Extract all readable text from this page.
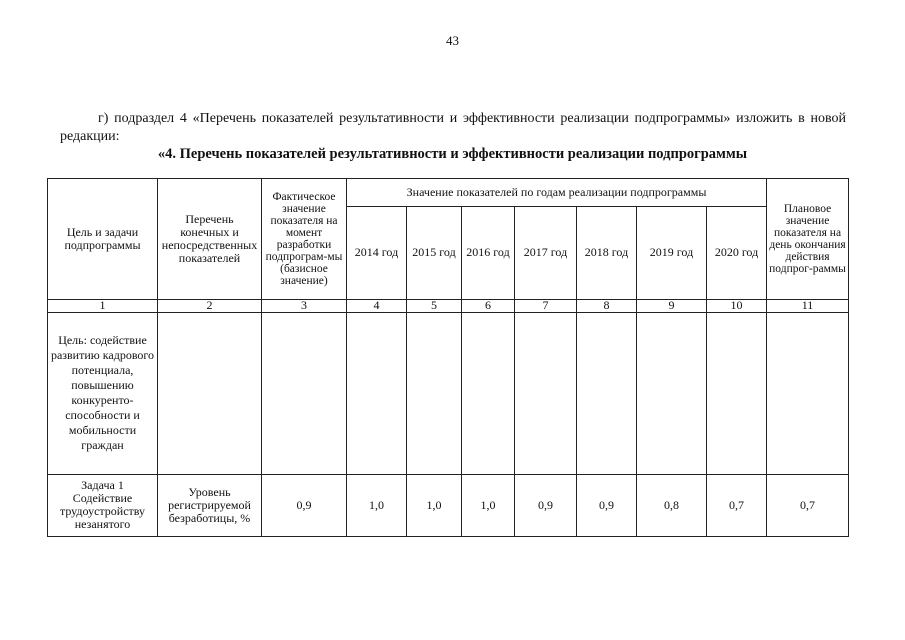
43
г) подраздел 4 «Перечень показателей результативности и эффективности реализации подпрограммы» изложить в новой редакции:
«4. Перечень показателей результативности и эффективности реализации подпрограммы
Цель и задачи подпрограммы	Перечень конечных и непосредственных показателей	Фактическое значение показателя на момент разработки подпрограм-мы (базисное значение)	Значение показателей по годам реализации подпрограммы							Плановое значение показателя на день окончания действия подпрог-раммы
			2014 год	2015 год	2016 год	2017 год	2018 год	2019 год	2020 год	
1	2	3	4	5	6	7	8	9	10	11
Цель: содействие развитию кадрового потенциала, повышению конкуренто-способности и мобильности граждан										
Задача 1 Содействие трудоустройству незанятого	Уровень регистрируемой безработицы, %	0,9	1,0	1,0	1,0	0,9	0,9	0,8	0,7	0,7
